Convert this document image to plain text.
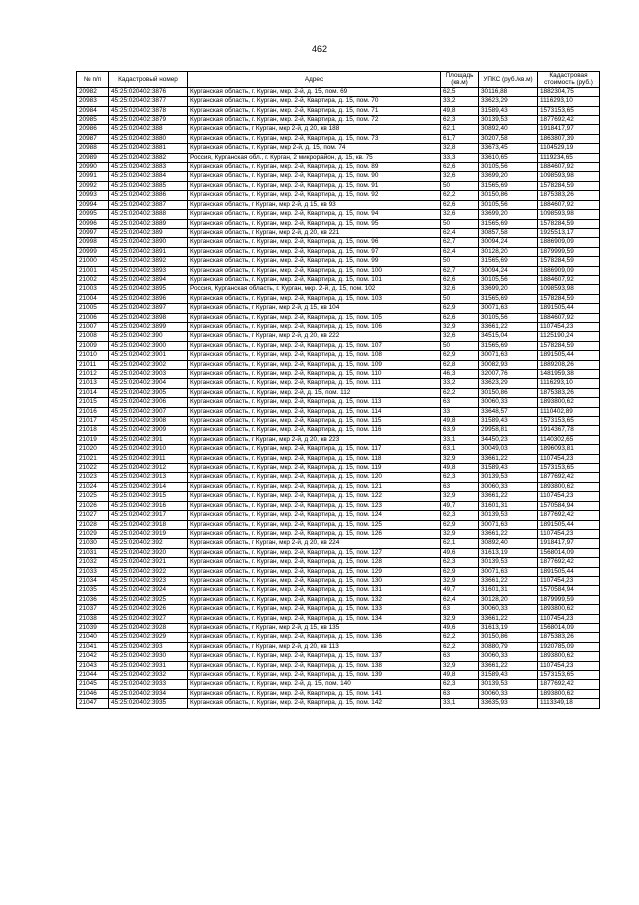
462
№ п/п	Кадастровый номер	Адрес	Площадь (кв.м)	УПКС (руб./кв.м)	Кадастровая стоимость (руб.)
20982	45:25:020402:3876	Курганская область, г. Курган, мкр. 2-й, д. 15, пом. 69	62,5	30116,88	1882304,75
20983	45:25:020402:3877	Курганская область, г. Курган, мкр. 2-й, Квартира, д. 15, пом. 70	33,2	33623,29	1116293,10
20984	45:25:020402:3878	Курганская область, г. Курган, мкр. 2-й, Квартира, д. 15, пом. 71	49,8	31589,43	1573153,65
20985	45:25:020402:3879	Курганская область, г. Курган, мкр. 2-й, Квартира, д. 15, пом. 72	62,3	30139,53	1877692,42
20986	45:25:020402:388	Курганская область, г Курган, мкр 2-й, д 20, кв 188	62,1	30892,40	1918417,97
20987	45:25:020402:3880	Курганская область, г. Курган, мкр. 2-й, Квартира, д. 15, пом. 73	61,7	30207,58	1863807,39
20988	45:25:020402:3881	Курганская область, г. Курган, мкр 2-й, д. 15, пом. 74	32,8	33673,45	1104529,19
20989	45:25:020402:3882	Россия, Курганская обл., г. Курган, 2 микрорайон, д. 15, кв. 75	33,3	33610,65	1119234,65
20990	45:25:020402:3883	Курганская область, г. Курган, мкр. 2-й, Квартира, д. 15, пом. 89	62,6	30105,56	1884607,92
20991	45:25:020402:3884	Курганская область, г. Курган, мкр. 2-й, Квартира, д. 15, пом. 90	32,6	33699,20	1098593,98
20992	45:25:020402:3885	Курганская область, г. Курган, мкр. 2-й, Квартира, д. 15, пом. 91	50	31565,69	1578284,59
20993	45:25:020402:3886	Курганская область, г. Курган, мкр. 2-й, Квартира, д. 15, пом. 92	62,2	30150,86	1875383,26
20994	45:25:020402:3887	Курганская область, г Курган, мкр 2-й, д 15, кв 93	62,6	30105,56	1884607,92
20995	45:25:020402:3888	Курганская область, г. Курган, мкр. 2-й, Квартира, д. 15, пом. 94	32,6	33699,20	1098593,98
20996	45:25:020402:3889	Курганская область, г. Курган, мкр. 2-й, Квартира, д. 15, пом. 95	50	31565,69	1578284,59
20997	45:25:020402:389	Курганская область, г Курган, мкр 2-й, д 20, кв 221	62,4	30857,58	1925513,17
20998	45:25:020402:3890	Курганская область, г. Курган, мкр. 2-й, Квартира, д. 15, пом. 96	62,7	30094,24	1886909,09
20999	45:25:020402:3891	Курганская область, г. Курган, мкр. 2-й, Квартира, д. 15, пом. 97	62,4	30128,20	1879999,59
21000	45:25:020402:3892	Курганская область, г. Курган, мкр. 2-й, Квартира, д. 15, пом. 99	50	31565,69	1578284,59
21001	45:25:020402:3893	Курганская область, г. Курган, мкр. 2-й, Квартира, д. 15, пом. 100	62,7	30094,24	1886909,09
21002	45:25:020402:3894	Курганская область, г. Курган, мкр. 2-й, Квартира, д. 15, пом. 101	62,6	30105,56	1884607,92
21003	45:25:020402:3895	Россия, Курганская область, г. Курган, мкр. 2-й, д. 15, пом. 102	32,6	33699,20	1098593,98
21004	45:25:020402:3896	Курганская область, г. Курган, мкр. 2-й, Квартира, д. 15, пом. 103	50	31565,69	1578284,59
21005	45:25:020402:3897	Курганская область, г Курган, мкр 2-й, д 15, кв 104	62,9	30071,63	1891505,44
21006	45:25:020402:3898	Курганская область, г. Курган, мкр. 2-й, Квартира, д. 15, пом. 105	62,6	30105,56	1884607,92
21007	45:25:020402:3899	Курганская область, г. Курган, мкр. 2-й, Квартира, д. 15, пом. 106	32,9	33661,22	1107454,23
21008	45:25:020402:390	Курганская область, г Курган, мкр 2-й, д 20, кв 222	32,6	34515,04	1125190,24
21009	45:25:020402:3900	Курганская область, г. Курган, мкр. 2-й, Квартира, д. 15, пом. 107	50	31565,69	1578284,59
21010	45:25:020402:3901	Курганская область, г. Курган, мкр. 2-й, Квартира, д. 15, пом. 108	62,9	30071,63	1891505,44
21011	45:25:020402:3902	Курганская область, г. Курган, мкр. 2-й, Квартира, д. 15, пом. 109	62,8	30082,93	1889208,26
21012	45:25:020402:3903	Курганская область, г. Курган, мкр. 2-й, Квартира, д. 15, пом. 110	46,3	32007,76	1481959,38
21013	45:25:020402:3904	Курганская область, г. Курган, мкр. 2-й, Квартира, д. 15, пом. 111	33,2	33623,29	1116293,10
21014	45:25:020402:3905	Курганская область, г. Курган, мкр. 2-й, д. 15, пом. 112	62,2	30150,86	1875383,26
21015	45:25:020402:3906	Курганская область, г. Курган, мкр. 2-й, Квартира, д. 15, пом. 113	63	30060,33	1893800,62
21016	45:25:020402:3907	Курганская область, г. Курган, мкр. 2-й, Квартира, д. 15, пом. 114	33	33648,57	1110402,89
21017	45:25:020402:3908	Курганская область, г. Курган, мкр. 2-й, Квартира, д. 15, пом. 115	49,8	31589,43	1573153,65
21018	45:25:020402:3909	Курганская область, г. Курган, мкр. 2-й, Квартира, д. 15, пом. 116	63,9	29958,81	1914367,78
21019	45:25:020402:391	Курганская область, г Курган, мкр 2-й, д 20, кв 223	33,1	34450,23	1140302,65
21020	45:25:020402:3910	Курганская область, г. Курган, мкр. 2-й, Квартира, д. 15, пом. 117	63,1	30049,03	1896093,81
21021	45:25:020402:3911	Курганская область, г. Курган, мкр. 2-й, Квартира, д. 15, пом. 118	32,9	33661,22	1107454,23
21022	45:25:020402:3912	Курганская область, г. Курган, мкр. 2-й, Квартира, д. 15, пом. 119	49,8	31589,43	1573153,65
21023	45:25:020402:3913	Курганская область, г. Курган, мкр. 2-й, Квартира, д. 15, пом. 120	62,3	30139,53	1877692,42
21024	45:25:020402:3914	Курганская область, г. Курган, мкр. 2-й, Квартира, д. 15, пом. 121	63	30060,33	1893800,62
21025	45:25:020402:3915	Курганская область, г. Курган, мкр. 2-й, Квартира, д. 15, пом. 122	32,9	33661,22	1107454,23
21026	45:25:020402:3916	Курганская область, г. Курган, мкр. 2-й, Квартира, д. 15, пом. 123	49,7	31601,31	1570584,94
21027	45:25:020402:3917	Курганская область, г. Курган, мкр. 2-й, Квартира, д. 15, пом. 124	62,3	30139,53	1877692,42
21028	45:25:020402:3918	Курганская область, г. Курган, мкр. 2-й, Квартира, д. 15, пом. 125	62,9	30071,63	1891505,44
21029	45:25:020402:3919	Курганская область, г. Курган, мкр. 2-й, Квартира, д. 15, пом. 126	32,9	33661,22	1107454,23
21030	45:25:020402:392	Курганская область, г Курган, мкр 2-й, д 20, кв 224	62,1	30892,40	1918417,97
21031	45:25:020402:3920	Курганская область, г. Курган, мкр. 2-й, Квартира, д. 15, пом. 127	49,6	31613,19	1568014,09
21032	45:25:020402:3921	Курганская область, г. Курган, мкр. 2-й, Квартира, д. 15, пом. 128	62,3	30139,53	1877692,42
21033	45:25:020402:3922	Курганская область, г. Курган, мкр. 2-й, Квартира, д. 15, пом. 129	62,9	30071,63	1891505,44
21034	45:25:020402:3923	Курганская область, г. Курган, мкр. 2-й, Квартира, д. 15, пом. 130	32,9	33661,22	1107454,23
21035	45:25:020402:3924	Курганская область, г. Курган, мкр. 2-й, Квартира, д. 15, пом. 131	49,7	31601,31	1570584,94
21036	45:25:020402:3925	Курганская область, г. Курган, мкр. 2-й, Квартира, д. 15, пом. 132	62,4	30128,20	1879999,59
21037	45:25:020402:3926	Курганская область, г. Курган, мкр. 2-й, Квартира, д. 15, пом. 133	63	30060,33	1893800,62
21038	45:25:020402:3927	Курганская область, г. Курган, мкр. 2-й, Квартира, д. 15, пом. 134	32,9	33661,22	1107454,23
21039	45:25:020402:3928	Курганская область, г Курган, мкр 2-й, д 15, кв 135	49,6	31613,19	1568014,09
21040	45:25:020402:3929	Курганская область, г. Курган, мкр. 2-й, Квартира, д. 15, пом. 136	62,2	30150,86	1875383,26
21041	45:25:020402:393	Курганская область, г Курган, мкр 2-й, д 20, кв 113	62,2	30880,79	1920785,09
21042	45:25:020402:3930	Курганская область, г. Курган, мкр. 2-й, Квартира, д. 15, пом. 137	63	30060,33	1893800,62
21043	45:25:020402:3931	Курганская область, г. Курган, мкр. 2-й, Квартира, д. 15, пом. 138	32,9	33661,22	1107454,23
21044	45:25:020402:3932	Курганская область, г. Курган, мкр. 2-й, Квартира, д. 15, пом. 139	49,8	31589,43	1573153,65
21045	45:25:020402:3933	Курганская область, г. Курган, мкр. 2-й, д. 15, пом. 140	62,3	30139,53	1877692,42
21046	45:25:020402:3934	Курганская область, г. Курган, мкр. 2-й, Квартира, д. 15, пом. 141	63	30060,33	1893800,62
21047	45:25:020402:3935	Курганская область, г. Курган, мкр. 2-й, Квартира, д. 15, пом. 142	33,1	33635,93	1113349,18
